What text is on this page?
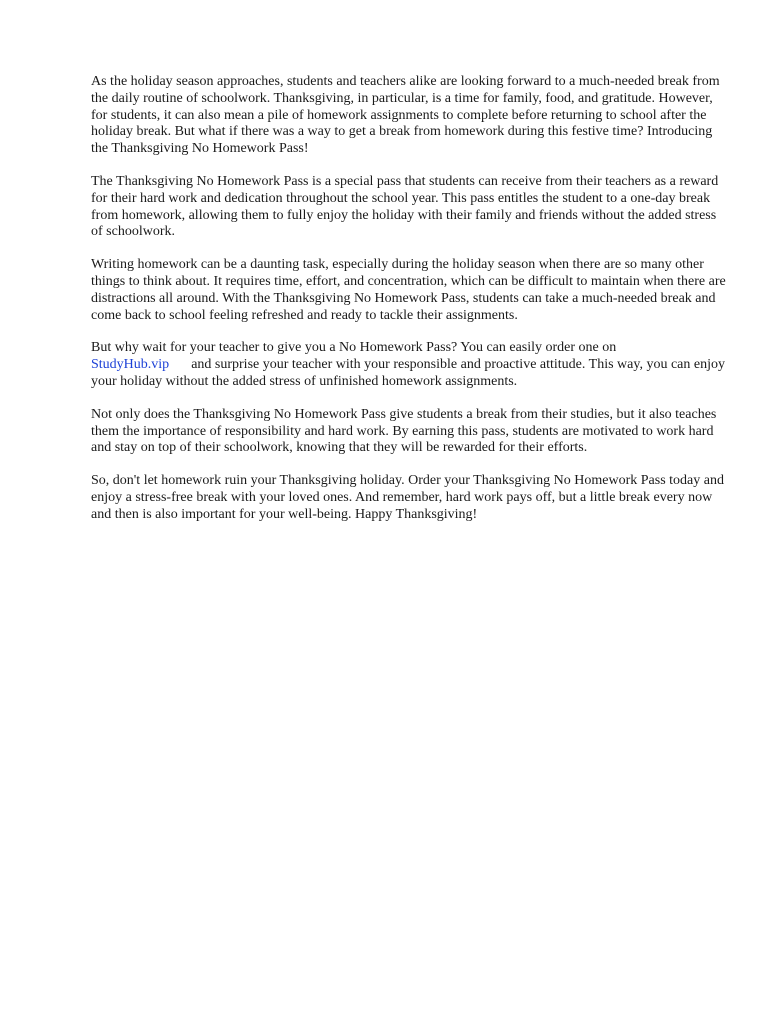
As the holiday season approaches, students and teachers alike are looking forward to a much-needed break from the daily routine of schoolwork. Thanksgiving, in particular, is a time for family, food, and gratitude. However, for students, it can also mean a pile of homework assignments to complete before returning to school after the holiday break. But what if there was a way to get a break from homework during this festive time? Introducing the Thanksgiving No Homework Pass!

The Thanksgiving No Homework Pass is a special pass that students can receive from their teachers as a reward for their hard work and dedication throughout the school year. This pass entitles the student to a one-day break from homework, allowing them to fully enjoy the holiday with their family and friends without the added stress of schoolwork.

Writing homework can be a daunting task, especially during the holiday season when there are so many other things to think about. It requires time, effort, and concentration, which can be difficult to maintain when there are distractions all around. With the Thanksgiving No Homework Pass, students can take a much-needed break and come back to school feeling refreshed and ready to tackle their assignments.

But why wait for your teacher to give you a No Homework Pass? You can easily order one on
StudyHub.vip and surprise your teacher with your responsible and proactive attitude. This way, you can enjoy your holiday without the added stress of unfinished homework assignments.

Not only does the Thanksgiving No Homework Pass give students a break from their studies, but it also teaches them the importance of responsibility and hard work. By earning this pass, students are motivated to work hard and stay on top of their schoolwork, knowing that they will be rewarded for their efforts.

So, don't let homework ruin your Thanksgiving holiday. Order your Thanksgiving No Homework Pass today and enjoy a stress-free break with your loved ones. And remember, hard work pays off, but a little break every now and then is also important for your well-being. Happy Thanksgiving!
